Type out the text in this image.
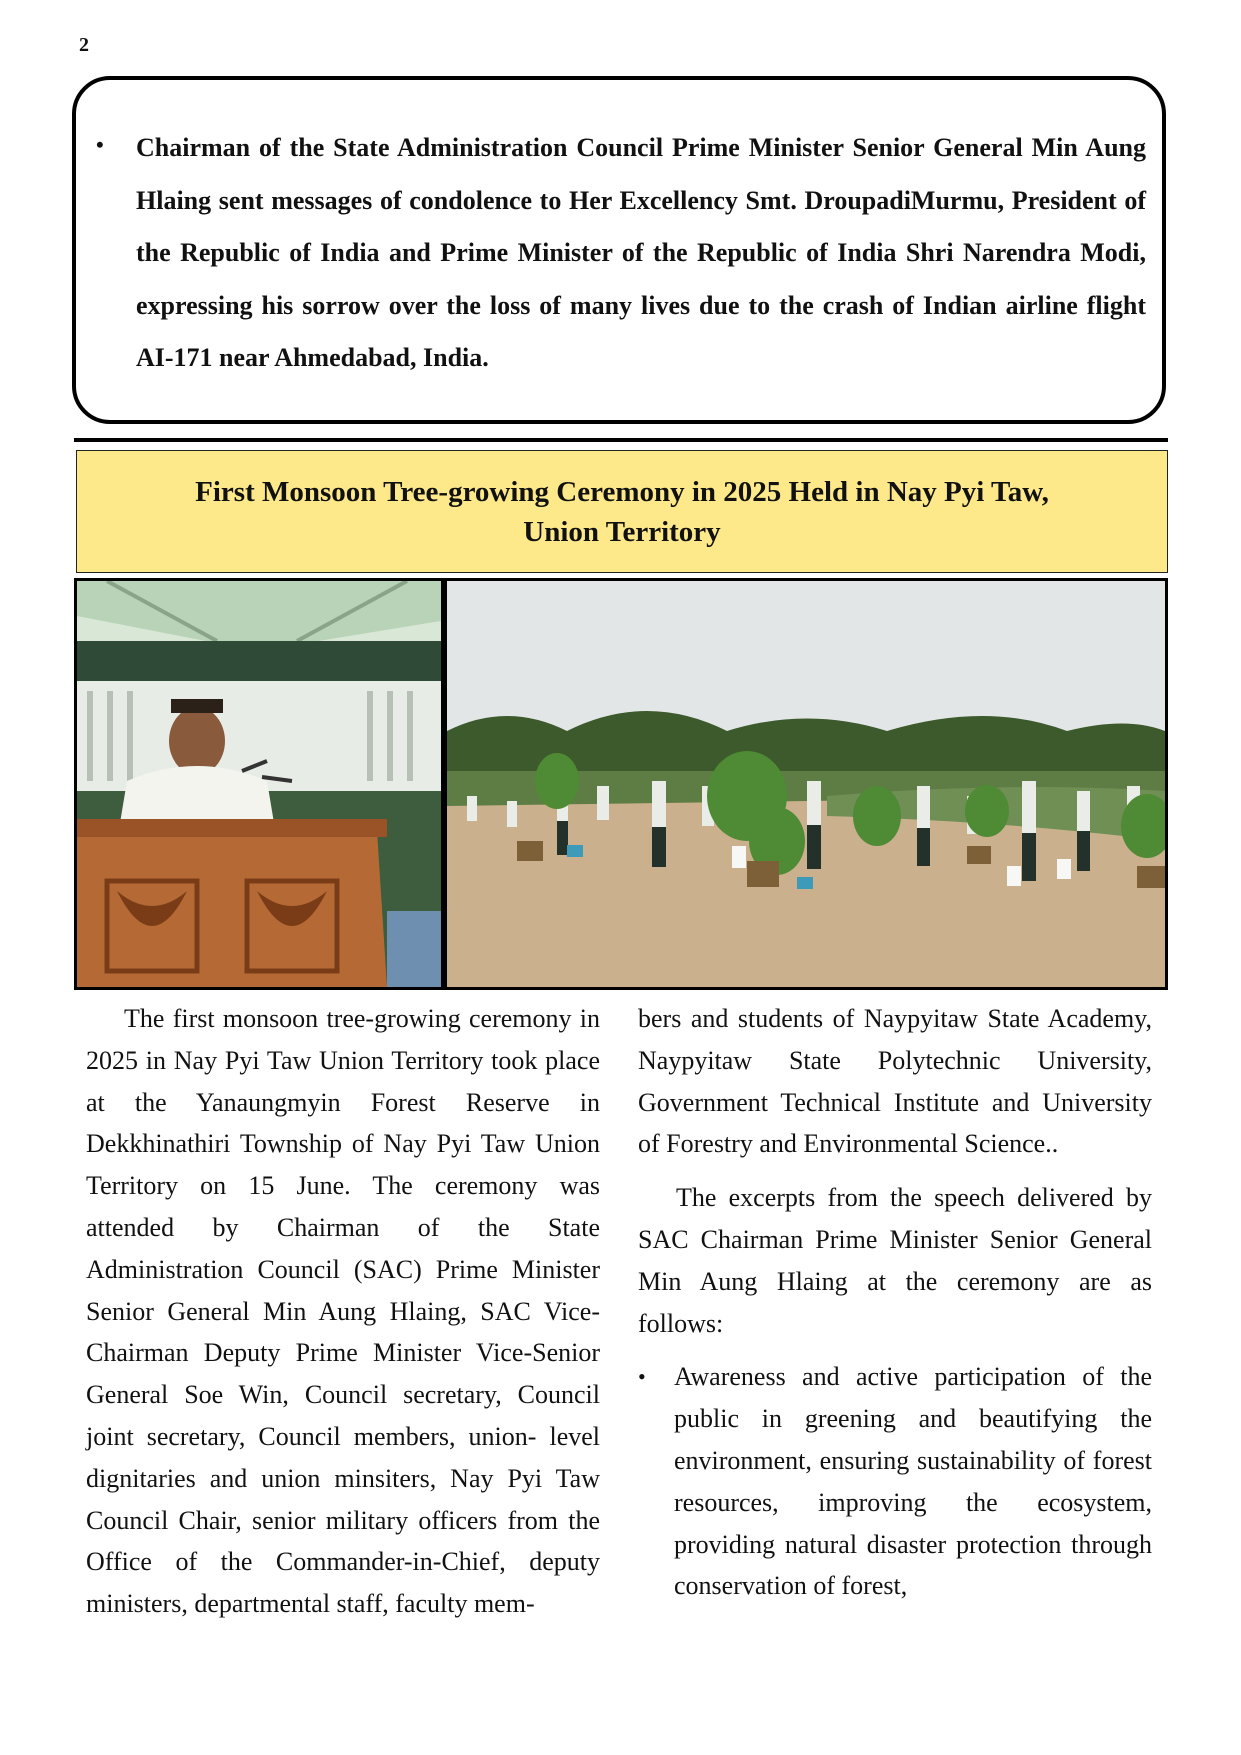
2
• Chairman of the State Administration Council Prime Minister Senior General Min Aung Hlaing sent messages of condolence to Her Excellency Smt. DroupadiMurmu, President of the Republic of India and Prime Minister of the Republic of India Shri Narendra Modi, expressing his sorrow over the loss of many lives due to the crash of Indian airline flight AI-171 near Ahmedabad, India.

First Monsoon Tree-growing Ceremony in 2025 Held in Nay Pyi Taw,
Union Territory

The first monsoon tree-growing ceremony in 2025 in Nay Pyi Taw Union Territory took place at the Yanaungmyin Forest Reserve in Dekkhinathiri Township of Nay Pyi Taw Union Territory on 15 June. The ceremony was attended by Chairman of the State Administration Council (SAC) Prime Minister Senior General Min Aung Hlaing, SAC Vice-Chairman Deputy Prime Minister Vice-Senior General Soe Win, Council secretary, Council joint secretary, Council members, union- level dignitaries and union minsiters, Nay Pyi Taw Council Chair, senior military officers from the Office of the Commander-in-Chief, deputy ministers, departmental staff, faculty mem-

bers and students of Naypyitaw State Academy, Naypyitaw State Polytechnic University, Government Technical Institute and University of Forestry and Environmental Science..

The excerpts from the speech delivered by SAC Chairman Prime Minister Senior General Min Aung Hlaing at the ceremony are as follows:

• Awareness and active participation of the public in greening and beautifying the environment, ensuring sustainability of forest resources, improving the ecosystem, providing natural disaster protection through conservation of forest,
